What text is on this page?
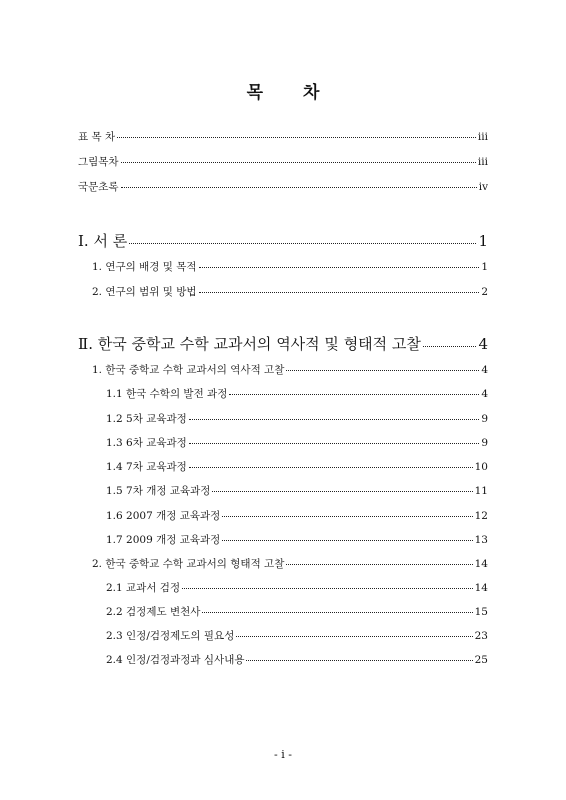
목 차
표 목 차	iii
그림목차	iii
국문초록	ⅳ
Ⅰ. 서 론	1
1. 연구의 배경 및 목적	1
2. 연구의 범위 및 방법	2
Ⅱ. 한국 중학교 수학 교과서의 역사적 및 형태적 고찰	4
1. 한국 중학교 수학 교과서의 역사적 고찰	4
1.1 한국 수학의 발전 과정	4
1.2 5차 교육과정	9
1.3 6차 교육과정	9
1.4 7차 교육과정	10
1.5 7차 개정 교육과정	11
1.6 2007 개정 교육과정	12
1.7 2009 개정 교육과정	13
2. 한국 중학교 수학 교과서의 형태적 고찰	14
2.1 교과서 검정	14
2.2 검정제도 변천사	15
2.3 인정/검정제도의 필요성	23
2.4 인정/검정과정과 심사내용	25
- i -
